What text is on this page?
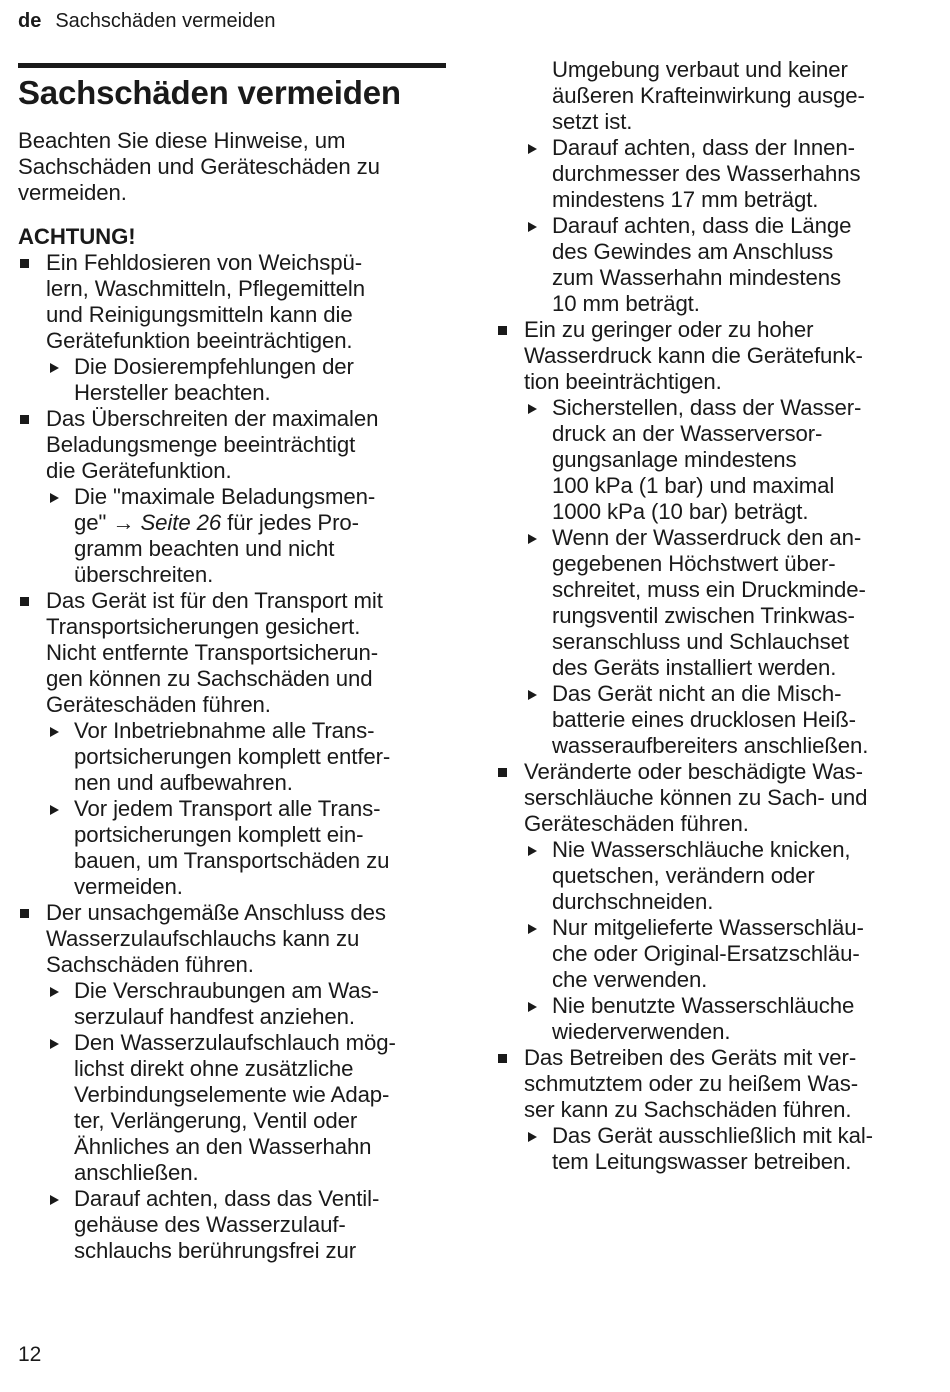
de Sachschäden vermeiden
Sachschäden vermeiden
Beachten Sie diese Hinweise, um
Sachschäden und Geräteschäden zu
vermeiden.
ACHTUNG!
Ein Fehldosieren von Weichspü-
lern, Waschmitteln, Pflegemitteln
und Reinigungsmitteln kann die
Gerätefunktion beeinträchtigen.
Die Dosierempfehlungen der
Hersteller beachten.
Das Überschreiten der maximalen
Beladungsmenge beeinträchtigt
die Gerätefunktion.
Die "maximale Beladungsmen-
ge" → Seite 26 für jedes Pro-
gramm beachten und nicht
überschreiten.
Das Gerät ist für den Transport mit
Transportsicherungen gesichert.
Nicht entfernte Transportsicherun-
gen können zu Sachschäden und
Geräteschäden führen.
Vor Inbetriebnahme alle Trans-
portsicherungen komplett entfer-
nen und aufbewahren.
Vor jedem Transport alle Trans-
portsicherungen komplett ein-
bauen, um Transportschäden zu
vermeiden.
Der unsachgemäße Anschluss des
Wasserzulaufschlauchs kann zu
Sachschäden führen.
Die Verschraubungen am Was-
serzulauf handfest anziehen.
Den Wasserzulaufschlauch mög-
lichst direkt ohne zusätzliche
Verbindungselemente wie Adap-
ter, Verlängerung, Ventil oder
Ähnliches an den Wasserhahn
anschließen.
Darauf achten, dass das Ventil-
gehäuse des Wasserzulauf-
schlauchs berührungsfrei zur
Umgebung verbaut und keiner
äußeren Krafteinwirkung ausge-
setzt ist.
Darauf achten, dass der Innen-
durchmesser des Wasserhahns
mindestens 17 mm beträgt.
Darauf achten, dass die Länge
des Gewindes am Anschluss
zum Wasserhahn mindestens
10 mm beträgt.
Ein zu geringer oder zu hoher
Wasserdruck kann die Gerätefunk-
tion beeinträchtigen.
Sicherstellen, dass der Wasser-
druck an der Wasserversor-
gungsanlage mindestens
100 kPa (1 bar) und maximal
1000 kPa (10 bar) beträgt.
Wenn der Wasserdruck den an-
gegebenen Höchstwert über-
schreitet, muss ein Druckminde-
rungsventil zwischen Trinkwas-
seranschluss und Schlauchset
des Geräts installiert werden.
Das Gerät nicht an die Misch-
batterie eines drucklosen Heiß-
wasseraufbereiters anschließen.
Veränderte oder beschädigte Was-
serschläuche können zu Sach- und
Geräteschäden führen.
Nie Wasserschläuche knicken,
quetschen, verändern oder
durchschneiden.
Nur mitgelieferte Wasserschläu-
che oder Original-Ersatzschläu-
che verwenden.
Nie benutzte Wasserschläuche
wiederverwenden.
Das Betreiben des Geräts mit ver-
schmutztem oder zu heißem Was-
ser kann zu Sachschäden führen.
Das Gerät ausschließlich mit kal-
tem Leitungswasser betreiben.
12
